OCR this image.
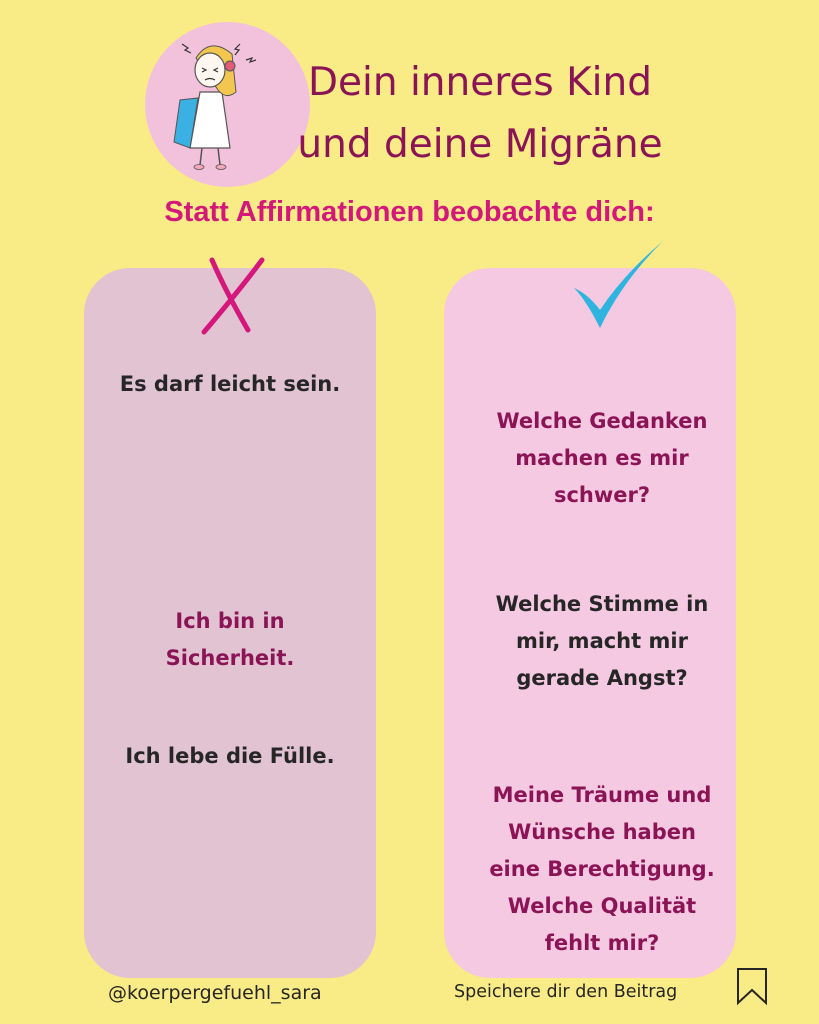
Dein inneres Kind
und deine Migräne
Statt Affirmationen beobachte dich:
Es darf leicht sein.

Ich bin in
Sicherheit.

Ich lebe die Fülle.

Welche Gedanken
machen es mir
schwer?

Welche Stimme in
mir, macht mir
gerade Angst?

Meine Träume und
Wünsche haben
eine Berechtigung.
Welche Qualität
fehlt mir?

@koerpergefuehl_sara	Speichere dir den Beitrag
